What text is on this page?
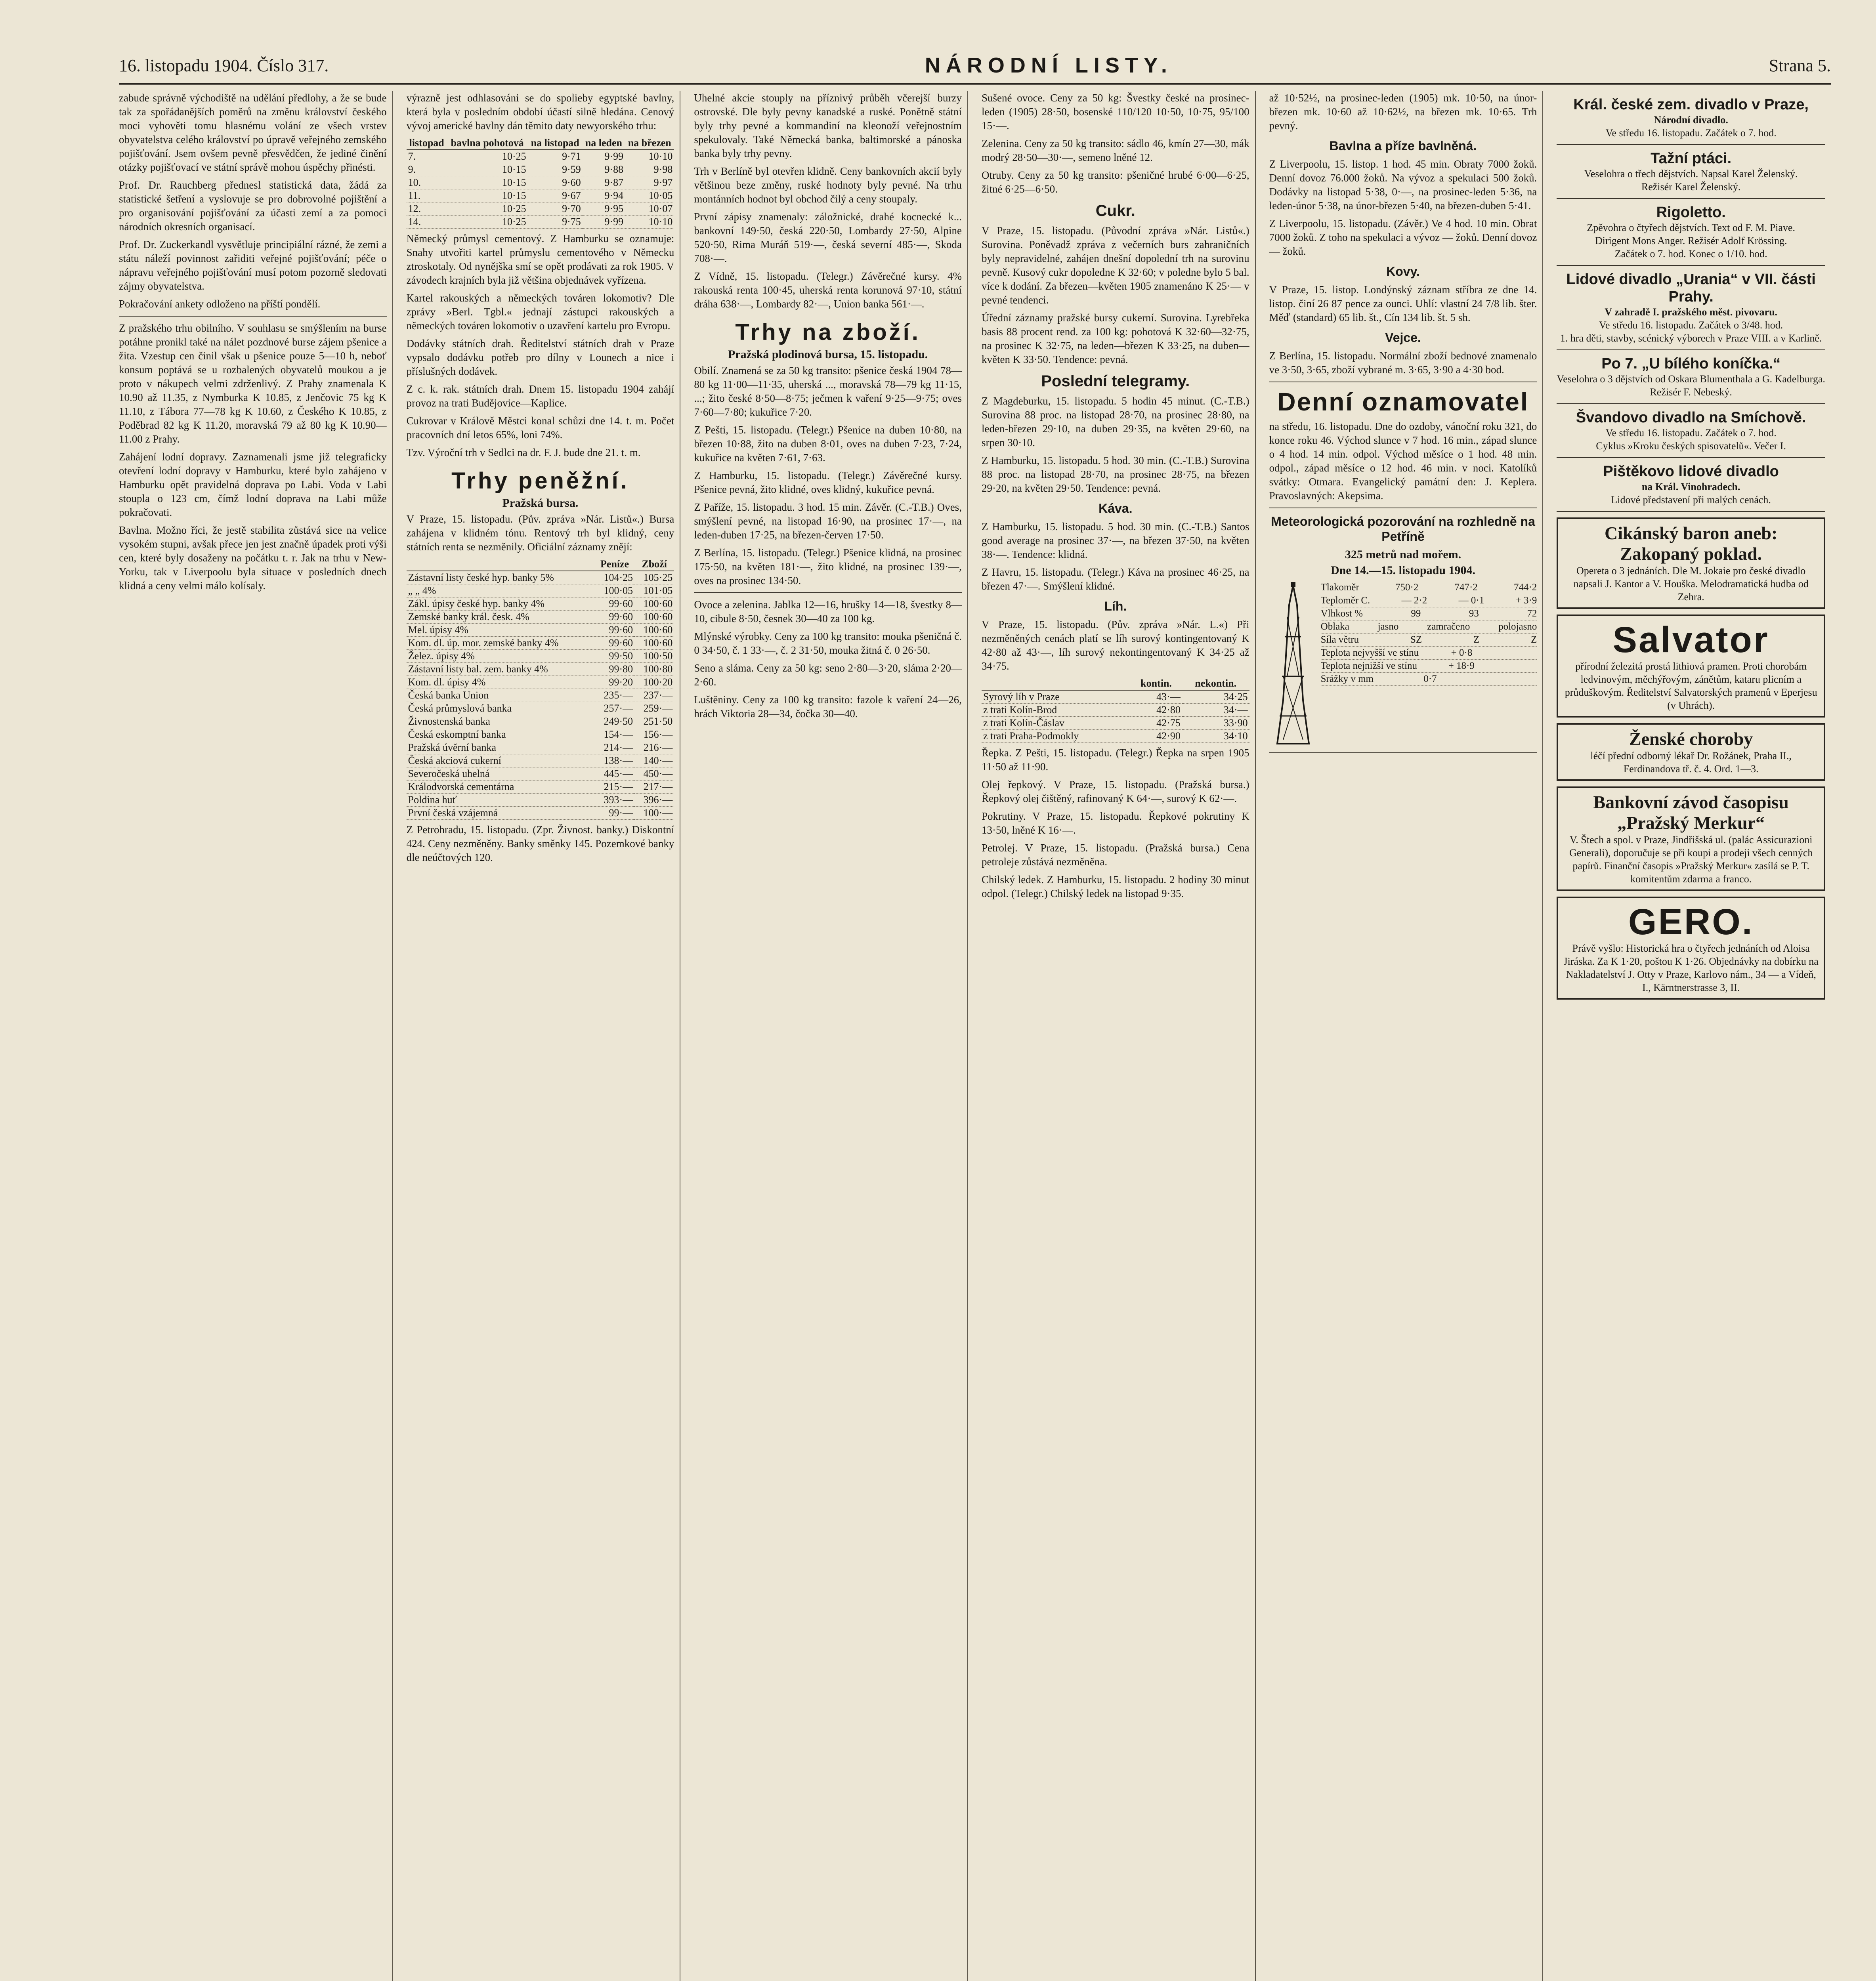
16. listopadu 1904. Číslo 317.	NÁRODNÍ LISTY.	Strana 5.

zabude správně východiště na udělání předlohy, a že se bude tak za spořádanějších poměrů na změnu království českého moci vyhověti tomu hlasnému volání ze všech vrstev obyvatelstva celého království po úpravě veřejného zemského pojišťování. Jsem ovšem pevně přesvědčen, že jediné činění otázky pojišťovací ve státní správě mohou úspěchy přinésti.

Prof. Dr. Rauchberg přednesl statistická data, žádá za statistické šetření a vyslovuje se pro dobrovolné pojištění a pro organisování pojišťování za účasti zemí a za pomoci národních okresních organisací.

Prof. Dr. Zuckerkandl vysvětluje principiální rázné, že zemi a státu náleží povinnost zařiditi veřejné pojišťování; péče o nápravu veřejného pojišťování musí potom pozorně sledovati zájmy obyvatelstva.

Pokračování ankety odloženo na příští pondělí.

Z pražského trhu obilního. V souhlasu se smýšlením na burse potáhne pronikl také na nálet pozdnové burse zájem pšenice a žita. Vzestup cen činil však u pšenice pouze 5—10 h, neboť konsum poptává se u rozbalených obyvatelů moukou a je proto v nákupech velmi zdrženlivý. Z Prahy znamenala K 10.90 až 11.35, z Nymburka K 10.85, z Jenčovic 75 kg K 11.10, z Tábora 77—78 kg K 10.60, z Českého K 10.85, z Poděbrad 82 kg K 11.20, moravská 79 až 80 kg K 10.90—11.00 z Prahy.

Zahájení lodní dopravy. Zaznamenali jsme již telegraficky otevření lodní dopravy v Hamburku, které bylo zahájeno v Hamburku opět pravidelná doprava po Labi. Voda v Labi stoupla o 123 cm, čímž lodní doprava na Labi může pokračovati.

Bavlna. Možno říci, že jestě stabilita zůstává sice na velice vysokém stupni, avšak přece jen jest značně úpadek proti výši cen, které byly dosaženy na počátku t. r. Jak na trhu v New-Yorku, tak v Liverpoolu byla situace v posledních dnech klidná a ceny velmi málo kolísaly.

výrazně jest odhlasováni se do spolieby egyptské bavlny, která byla v posledním období účastí silně hledána. Cenový vývoj americké bavlny dán těmito daty newyorského trhu:

listopad	bavlna pohotová	na listopad	na leden	na březen
7.	10·25	9·71	9·99	10·10
9.	10·15	9·59	9·88	9·98
10.	10·15	9·60	9·87	9·97
11.	10·15	9·67	9·94	10·05
12.	10·25	9·70	9·95	10·07
14.	10·25	9·75	9·99	10·10

Německý průmysl cementový. Z Hamburku se oznamuje: Snahy utvořiti kartel průmyslu cementového v Německu ztroskotaly. Od nynějška smí se opět prodávati za rok 1905. V závodech krajních byla již většina objednávek vyřízena.

Kartel rakouských a německých továren lokomotiv? Dle zprávy »Berl. Tgbl.« jednají zástupci rakouských a německých továren lokomotiv o uzavření kartelu pro Evropu.

Dodávky státních drah. Ředitelství státních drah v Praze vypsalo dodávku potřeb pro dílny v Lounech a nice i příslušných dodávek.

Z c. k. rak. státních drah. Dnem 15. listopadu 1904 zahájí provoz na trati Budějovice—Kaplice.

Cukrovar v Králově Městci konal schůzi dne 14. t. m. Počet pracovních dní letos 65%, loni 74%.

Tzv. Výroční trh v Sedlci na dr. F. J. bude dne 21. t. m.

Trhy peněžní.
Pražská bursa.

V Praze, 15. listopadu. (Pův. zpráva »Nár. Listů«.) Bursa zahájena v klidném tónu. Rentový trh byl klidný, ceny státních renta se nezměnily. Oficiální záznamy znějí:

	Peníze	Zboží
Zástavní listy české hyp. banky 5%	104·25	105·25
„ „ 4%	100·05	101·05
Zákl. úpisy české hyp. banky 4%	99·60	100·60
Zemské banky král. česk. 4%	99·60	100·60
Mel. úpisy 4%	99·60	100·60
Kom. dl. úp. mor. zemské banky 4%	99·60	100·60
Želez. úpisy 4%	99·50	100·50
Zástavní listy bal. zem. banky 4%	99·80	100·80
Kom. dl. úpisy 4%	99·20	100·20
Česká banka Union	235·—	237·—
Česká průmyslová banka	257·—	259·—
Živnostenská banka	249·50	251·50
Česká eskomptní banka	154·—	156·—
Pražská úvěrní banka	214·—	216·—
Česká akciová cukerní	138·—	140·—
Severočeská uhelná	445·—	450·—
Králodvorská cementárna	215·—	217·—
Poldina huť	393·—	396·—
První česká vzájemná	99·—	100·—

Z Petrohradu, 15. listopadu. (Zpr. Živnost. banky.) Diskontní 424. Ceny nezměněny. Banky směnky 145. Pozemkové banky dle neúčtových 120.

Uhelné akcie stouply na příznivý průběh včerejší burzy ostrovské. Dle byly pevny kanadské a ruské. Ponětně státní byly trhy pevné a kommandiní na kleonoží veřejnostním spekulovaly. Také Německá banka, baltimorské a pánoska banka byly trhy pevny.

Trh v Berlíně byl otevřen klidně. Ceny bankovních akcií byly většinou beze změny, ruské hodnoty byly pevné. Na trhu montánních hodnot byl obchod čilý a ceny stoupaly.

První zápisy znamenaly: záložnické, drahé kocnecké k... bankovní 149·50, česká 220·50, Lombardy 27·50, Alpine 520·50, Rima Muráň 519·—, česká severní 485·—, Skoda 708·—.

Z Vídně, 15. listopadu. (Telegr.) Závěrečné kursy. 4% rakouská renta 100·45, uherská renta korunová 97·10, státní dráha 638·—, Lombardy 82·—, Union banka 561·—.

Trhy na zboží.
Pražská plodinová bursa, 15. listopadu.

Obilí. Znamená se za 50 kg transito: pšenice česká 1904 78—80 kg 11·00—11·35, uherská ..., moravská 78—79 kg 11·15, ...; žito české 8·50—8·75; ječmen k vaření 9·25—9·75; oves 7·60—7·80; kukuřice 7·20.

Z Pešti, 15. listopadu. (Telegr.) Pšenice na duben 10·80, na březen 10·88, žito na duben 8·01, oves na duben 7·23, 7·24, kukuřice na květen 7·61, 7·63.

Z Hamburku, 15. listopadu. (Telegr.) Závěrečné kursy. Pšenice pevná, žito klidné, oves klidný, kukuřice pevná.

Z Paříže, 15. listopadu. 3 hod. 15 min. Závěr. (C.-T.B.) Oves, smýšlení pevné, na listopad 16·90, na prosinec 17·—, na leden-duben 17·25, na březen-červen 17·50.

Z Berlína, 15. listopadu. (Telegr.) Pšenice klidná, na prosinec 175·50, na květen 181·—, žito klidné, na prosinec 139·—, oves na prosinec 134·50.

Ovoce a zelenina. Jablka 12—16, hrušky 14—18, švestky 8—10, cibule 8·50, česnek 30—40 za 100 kg.

Mlýnské výrobky. Ceny za 100 kg transito: mouka pšeničná č. 0 34·50, č. 1 33·—, č. 2 31·50, mouka žitná č. 0 26·50.

Seno a sláma. Ceny za 50 kg: seno 2·80—3·20, sláma 2·20—2·60.

Luštěniny. Ceny za 100 kg transito: fazole k vaření 24—26, hrách Viktoria 28—34, čočka 30—40.

Sušené ovoce. Ceny za 50 kg: Švestky české na prosinec-leden (1905) 28·50, bosenské 110/120 10·50, 10·75, 95/100 15·—.

Zelenina. Ceny za 50 kg transito: sádlo 46, kmín 27—30, mák modrý 28·50—30·—, semeno lněné 12.

Otruby. Ceny za 50 kg transito: pšeničné hrubé 6·00—6·25, žitné 6·25—6·50.

Cukr.

V Praze, 15. listopadu. (Původní zpráva »Nár. Listů«.) Surovina. Poněvadž zpráva z večerních burs zahraničních byly nepravidelné, zahájen dnešní dopolední trh na surovinu pevně. Kusový cukr dopoledne K 32·60; v poledne bylo 5 bal. více k dodání. Za březen—květen 1905 znamenáno K 25·— v pevné tendenci.

Úřední záznamy pražské bursy cukerní. Surovina. Lyrebřeka basis 88 procent rend. za 100 kg: pohotová K 32·60—32·75, na prosinec K 32·75, na leden—březen K 33·25, na duben—květen K 33·50. Tendence: pevná.

Poslední telegramy.

Z Magdeburku, 15. listopadu. 5 hodin 45 minut. (C.-T.B.) Surovina 88 proc. na listopad 28·70, na prosinec 28·80, na leden-březen 29·10, na duben 29·35, na květen 29·60, na srpen 30·10.

Z Hamburku, 15. listopadu. 5 hod. 30 min. (C.-T.B.) Surovina 88 proc. na listopad 28·70, na prosinec 28·75, na březen 29·20, na květen 29·50. Tendence: pevná.

Káva.

Z Hamburku, 15. listopadu. 5 hod. 30 min. (C.-T.B.) Santos good average na prosinec 37·—, na březen 37·50, na květen 38·—. Tendence: klidná.

Z Havru, 15. listopadu. (Telegr.) Káva na prosinec 46·25, na březen 47·—. Smýšlení klidné.

Líh.

V Praze, 15. listopadu. (Pův. zpráva »Nár. L.«) Při nezměněných cenách platí se líh surový kontingentovaný K 42·80 až 43·—, líh surový nekontingentovaný K 34·25 až 34·75.

	kontin.	nekontin.
Syrový líh v Praze	43·—	34·25
z trati Kolín-Brod	42·80	34·—
z trati Kolín-Čáslav	42·75	33·90
z trati Praha-Podmokly	42·90	34·10

Řepka. Z Pešti, 15. listopadu. (Telegr.) Řepka na srpen 1905 11·50 až 11·90.

Olej řepkový. V Praze, 15. listopadu. (Pražská bursa.) Řepkový olej čištěný, rafinovaný K 64·—, surový K 62·—.

Pokrutiny. V Praze, 15. listopadu. Řepkové pokrutiny K 13·50, lněné K 16·—.

Petrolej. V Praze, 15. listopadu. (Pražská bursa.) Cena petroleje zůstává nezměněna.

Chilský ledek. Z Hamburku, 15. listopadu. 2 hodiny 30 minut odpol. (Telegr.) Chilský ledek na listopad 9·35.

až 10·52½, na prosinec-leden (1905) mk. 10·50, na únor-březen mk. 10·60 až 10·62½, na březen mk. 10·65. Trh pevný.

Bavlna a příze bavlněná.

Z Liverpoolu, 15. listop. 1 hod. 45 min. Obraty 7000 žoků. Denní dovoz 76.000 žoků. Na vývoz a spekulaci 500 žoků. Dodávky na listopad 5·38, 0·—, na prosinec-leden 5·36, na leden-únor 5·38, na únor-březen 5·40, na březen-duben 5·41.

Z Liverpoolu, 15. listopadu. (Závěr.) Ve 4 hod. 10 min. Obrat 7000 žoků. Z toho na spekulaci a vývoz — žoků. Denní dovoz — žoků.

Kovy.

V Praze, 15. listop. Londýnský záznam stříbra ze dne 14. listop. činí 26 87 pence za ounci. Uhlí: vlastní 24 7/8 lib. šter. Měď (standard) 65 lib. št., Cín 134 lib. št. 5 sh.

Vejce.

Z Berlína, 15. listopadu. Normální zboží bednové znamenalo ve 3·50, 3·65, zboží vybrané m. 3·65, 3·90 a 4·30 bod.

Denní oznamovatel

na středu, 16. listopadu. Dne do ozdoby, vánoční roku 321, do konce roku 46. Východ slunce v 7 hod. 16 min., západ slunce o 4 hod. 14 min. odpol. Východ měsíce o 1 hod. 48 min. odpol., západ měsíce o 12 hod. 46 min. v noci. Katolíků svátky: Otmara. Evangelický památní den: J. Keplera. Pravoslavných: Akepsima.

Meteorologická pozorování na rozhledně na Petříně
325 metrů nad mořem.
Dne 14.—15. listopadu 1904.
Tlakoměr	750·2	747·2	744·2
Teploměr C.	— 2·2	— 0·1	+ 3·9
Vlhkost %	99	93	72
Oblaka	jasno	zamračeno	polojasno
Síla větru	SZ	Z	Z
Teplota nejvyšší ve stínu	+ 0·8
Teplota nejnižší ve stínu	+ 18·9
Srážky v mm	0·7
Král. české zem. divadlo v Praze,
Národní divadlo.
Ve středu 16. listopadu. Začátek o 7. hod.
Tažní ptáci.
Veselohra o třech dějstvích. Napsal Karel Želenský.
Režisér Karel Želenský.
Rigoletto.
Zpěvohra o čtyřech dějstvích. Text od F. M. Piave.
Dirigent Mons Anger. Režisér Adolf Krössing.
Začátek o 7. hod. Konec o 1/10. hod.
Lidové divadlo „Urania“ v VII. části Prahy.
V zahradě I. pražského měst. pivovaru.
Ve středu 16. listopadu. Začátek o 3/48. hod.
1. hra děti, stavby, scénický výborech v Praze VIII. a v Karlině.
Po 7. „U bílého koníčka.“
Veselohra o 3 dějstvích od Oskara Blumenthala a G. Kadelburga.
Režisér F. Nebeský.
Švandovo divadlo na Smíchově.
Ve středu 16. listopadu. Začátek o 7. hod.
Cyklus »Kroku českých spisovatelů«. Večer I.
Pištěkovo lidové divadlo
na Král. Vinohradech.
Lidové představení při malých cenách.
Cikánský baron aneb: Zakopaný poklad.
Opereta o 3 jednáních. Dle M. Jokaie pro české divadlo napsali J. Kantor a V. Houška. Melodramatická hudba od Zehra.
Salvator
přírodní železitá prostá lithiová pramen. Proti chorobám ledvinovým, měchýřovým, zánětům, kataru plicním a průduškovým. Ředitelství Salvatorských pramenů v Eperjesu (v Uhrách).
Ženské choroby
léčí přední odborný lékař Dr. Rožánek, Praha II., Ferdinandova tř. č. 4. Ord. 1—3.
Bankovní závod časopisu „Pražský Merkur“
V. Štech a spol. v Praze, Jindřišská ul. (palác Assicurazioni Generali), doporučuje se při koupi a prodeji všech cenných papírů. Finanční časopis »Pražský Merkur« zasílá se P. T. komitentům zdarma a franco.
GERO.
Právě vyšlo: Historická hra o čtyřech jednáních od Aloisa Jiráska. Za K 1·20, poštou K 1·26. Objednávky na dobírku na Nakladatelství J. Otty v Praze, Karlovo nám., 34 — a Vídeň, I., Kärntnerstrasse 3, II.
